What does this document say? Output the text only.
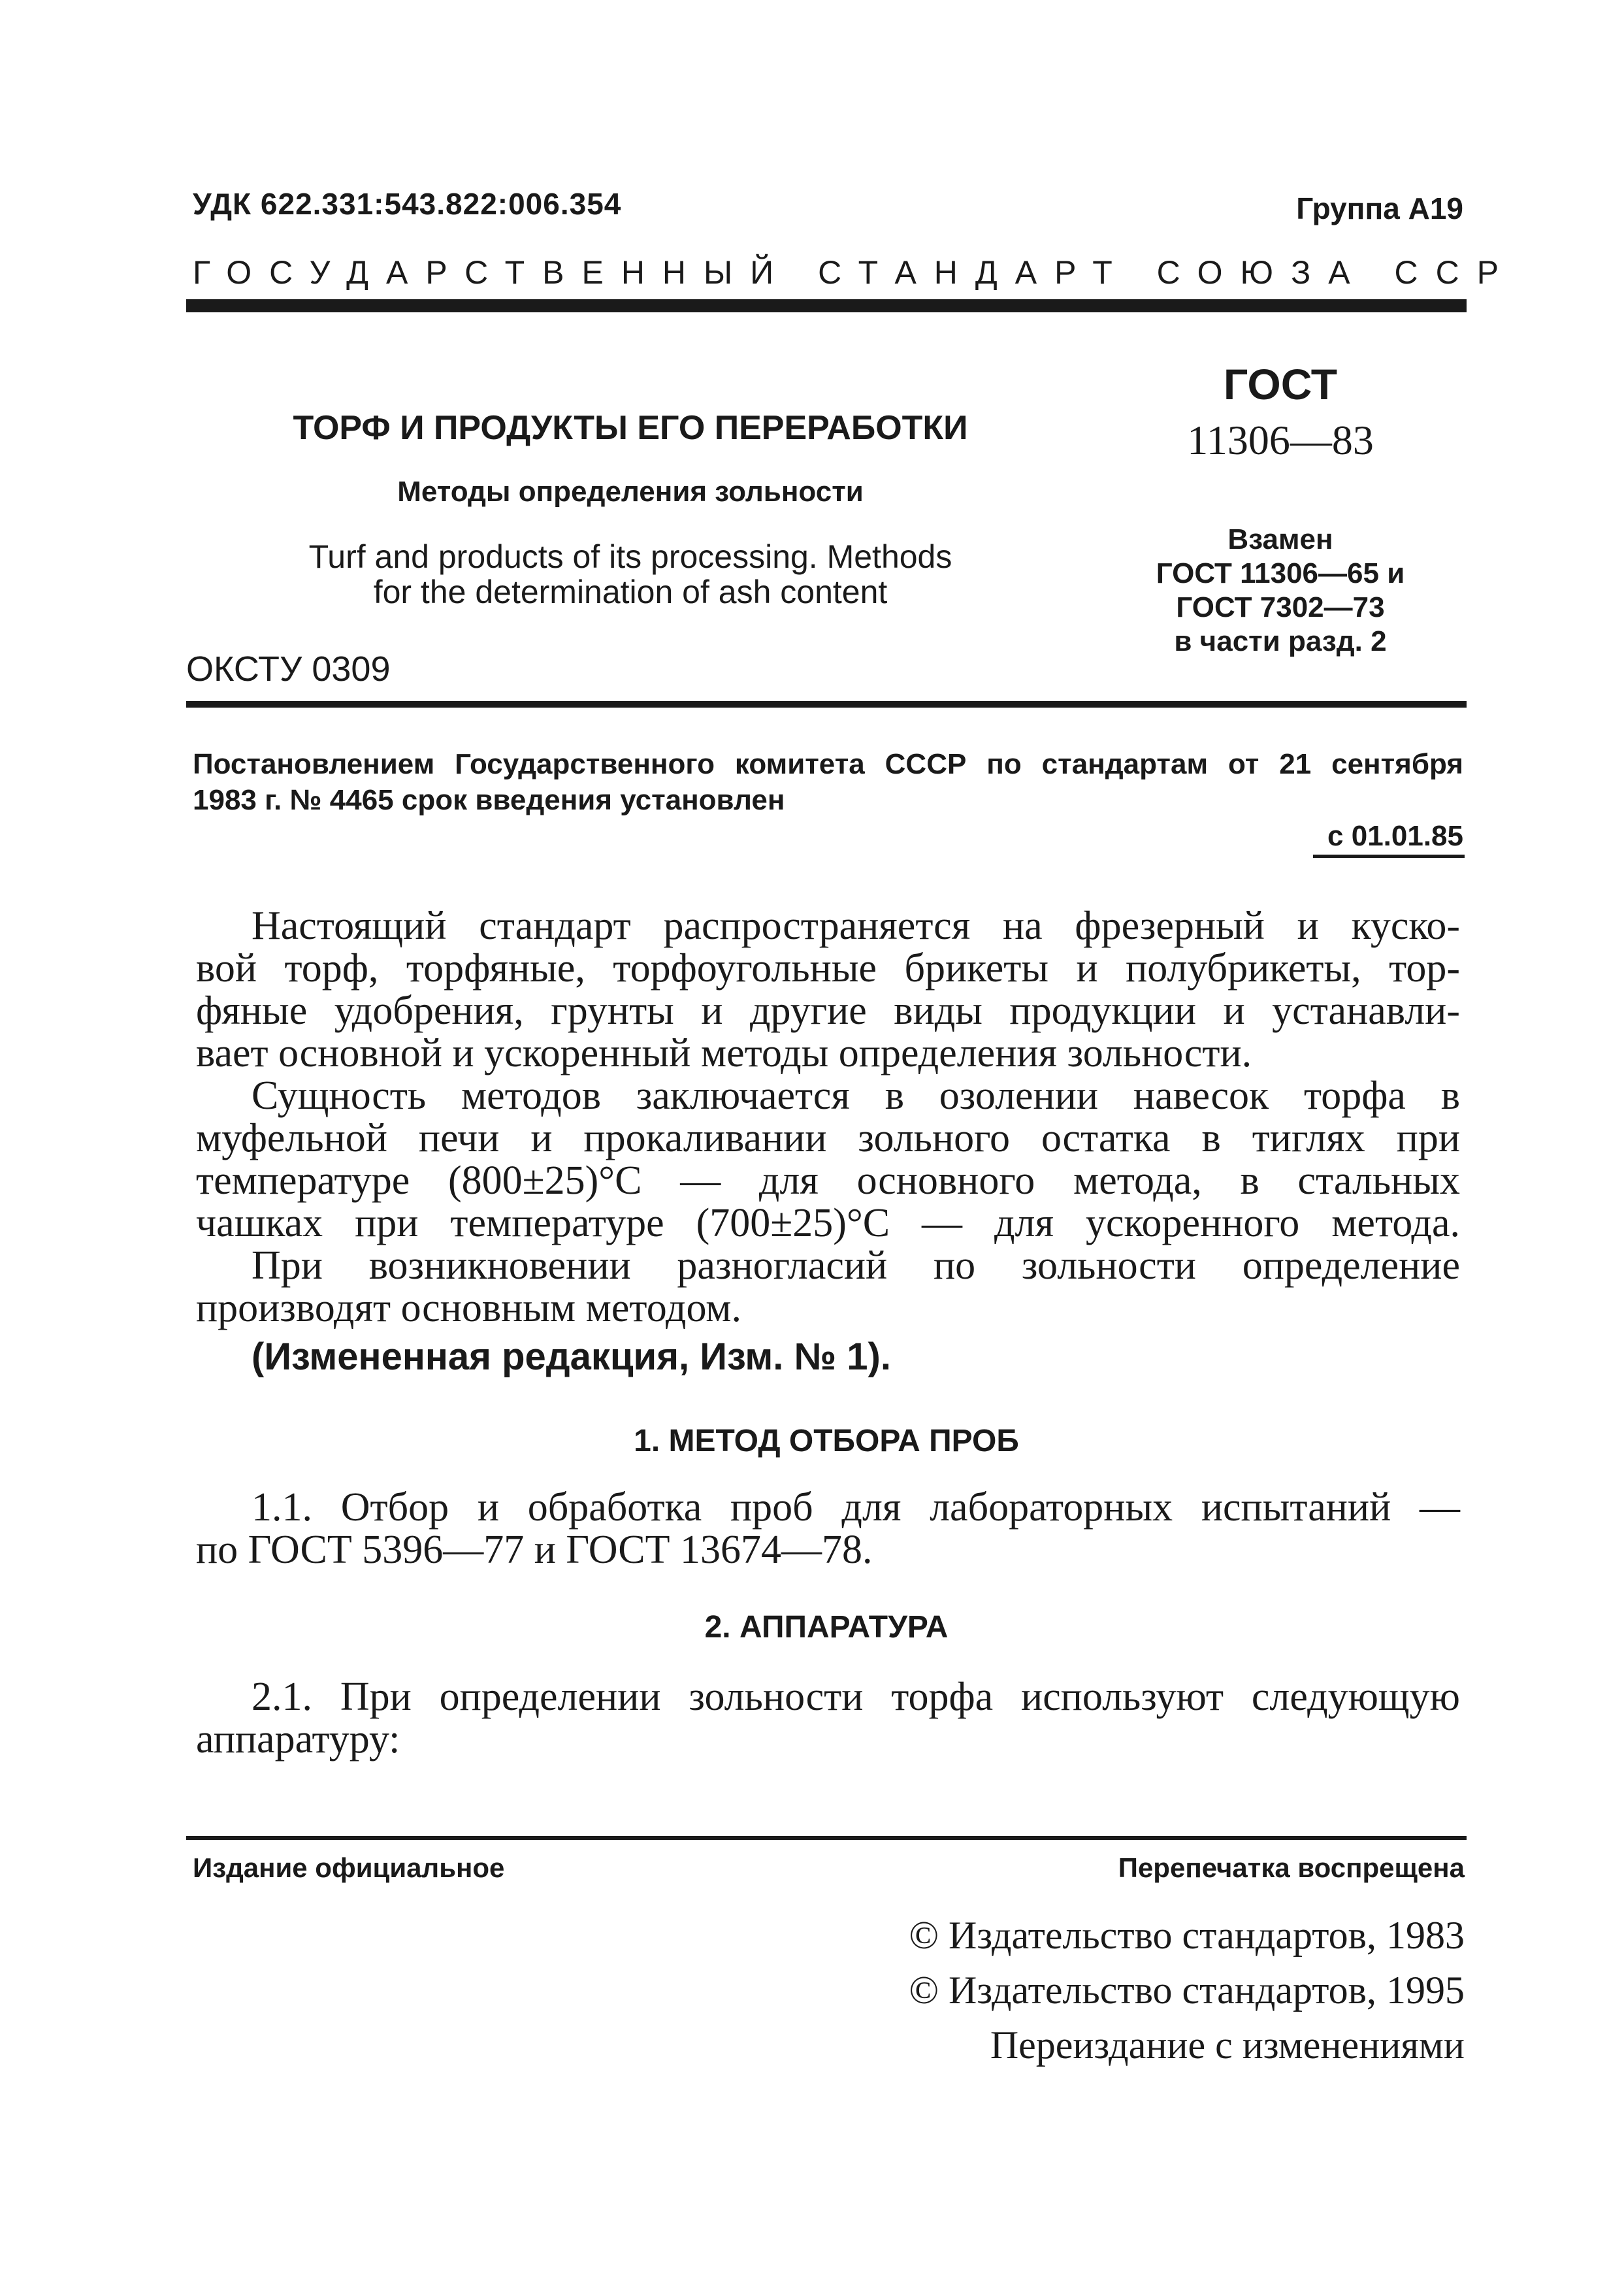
УДК 622.331:543.822:006.354	Группа А19
ГОСУДАРСТВЕННЫЙ СТАНДАРТ СОЮЗА ССР
ТОРФ И ПРОДУКТЫ ЕГО ПЕРЕРАБОТКИ
Методы определения зольности
Turf and products of its processing. Methods
for the determination of ash content
ОКСТУ 0309
ГОСТ
11306—83
Взамен
ГОСТ 11306—65 и
ГОСТ 7302—73
в части разд. 2
Постановлением Государственного комитета СССР по стандартам от 21 сентября
1983 г. № 4465 срок введения установлен
с 01.01.85
Настоящий стандарт распространяется на фрезерный и куско-
вой торф, торфяные, торфоугольные брикеты и полубрикеты, тор-
фяные удобрения, грунты и другие виды продукции и устанавли-
вает основной и ускоренный методы определения зольности.
Сущность методов заключается в озолении навесок торфа в
муфельной печи и прокаливании зольного остатка в тиглях при
температуре (800±25)°С — для основного метода, в стальных
чашках при температуре (700±25)°С — для ускоренного метода.
При возникновении разногласий по зольности определение
производят основным методом.
(Измененная редакция, Изм. № 1).
1. МЕТОД ОТБОРА ПРОБ
1.1. Отбор и обработка проб для лабораторных испытаний —
по ГОСТ 5396—77 и ГОСТ 13674—78.
2. АППАРАТУРА
2.1. При определении зольности торфа используют следующую
аппаратуру:
Издание официальное	Перепечатка воспрещена
© Издательство стандартов, 1983
© Издательство стандартов, 1995
Переиздание с изменениями
